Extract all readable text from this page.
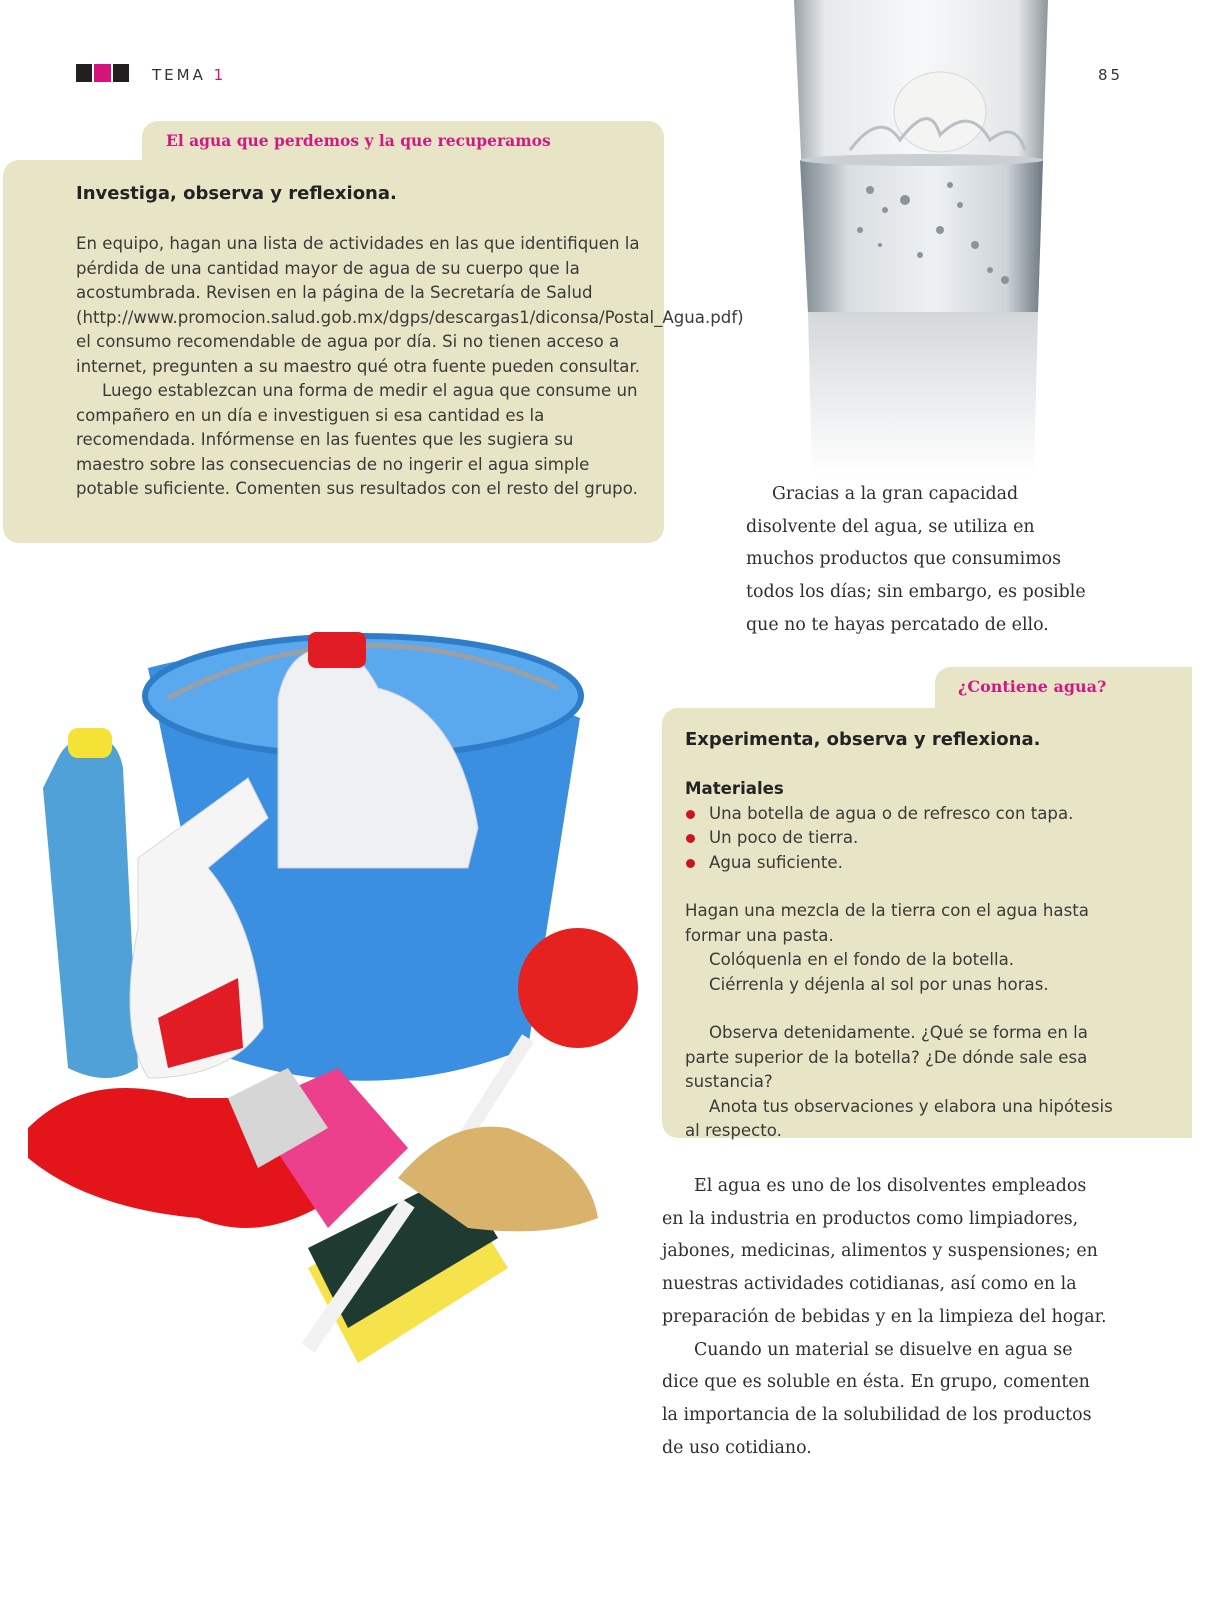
TEMA 1	85
El agua que perdemos y la que recuperamos
Investiga, observa y reflexiona.
En equipo, hagan una lista de actividades en las que identifiquen la pérdida de una cantidad mayor de agua de su cuerpo que la acostumbrada. Revisen en la página de la Secretaría de Salud (http://www.promocion.salud.gob.mx/dgps/descargas1/diconsa/Postal_Agua.pdf) el consumo recomendable de agua por día. Si no tienen acceso a internet, pregunten a su maestro qué otra fuente pueden consultar.
Luego establezcan una forma de medir el agua que consume un compañero en un día e investiguen si esa cantidad es la recomendada. Infórmense en las fuentes que les sugiera su maestro sobre las consecuencias de no ingerir el agua simple potable suficiente. Comenten sus resultados con el resto del grupo.	Gracias a la gran capacidad disolvente del agua, se utiliza en muchos productos que consumimos todos los días; sin embargo, es posible que no te hayas percatado de ello.
¿Contiene agua?
Experimenta, observa y reflexiona.
Materiales
Una botella de agua o de refresco con tapa.
Un poco de tierra.
Agua suficiente.
Hagan una mezcla de la tierra con el agua hasta formar una pasta.
Colóquenla en el fondo de la botella.
Ciérrenla y déjenla al sol por unas horas.
Observa detenidamente. ¿Qué se forma en la parte superior de la botella? ¿De dónde sale esa sustancia?
Anota tus observaciones y elabora una hipótesis al respecto.
El agua es uno de los disolventes empleados en la industria en productos como limpiadores, jabones, medicinas, alimentos y suspensiones; en nuestras actividades cotidianas, así como en la preparación de bebidas y en la limpieza del hogar.
Cuando un material se disuelve en agua se dice que es soluble en ésta. En grupo, comenten la importancia de la solubilidad de los productos de uso cotidiano.
